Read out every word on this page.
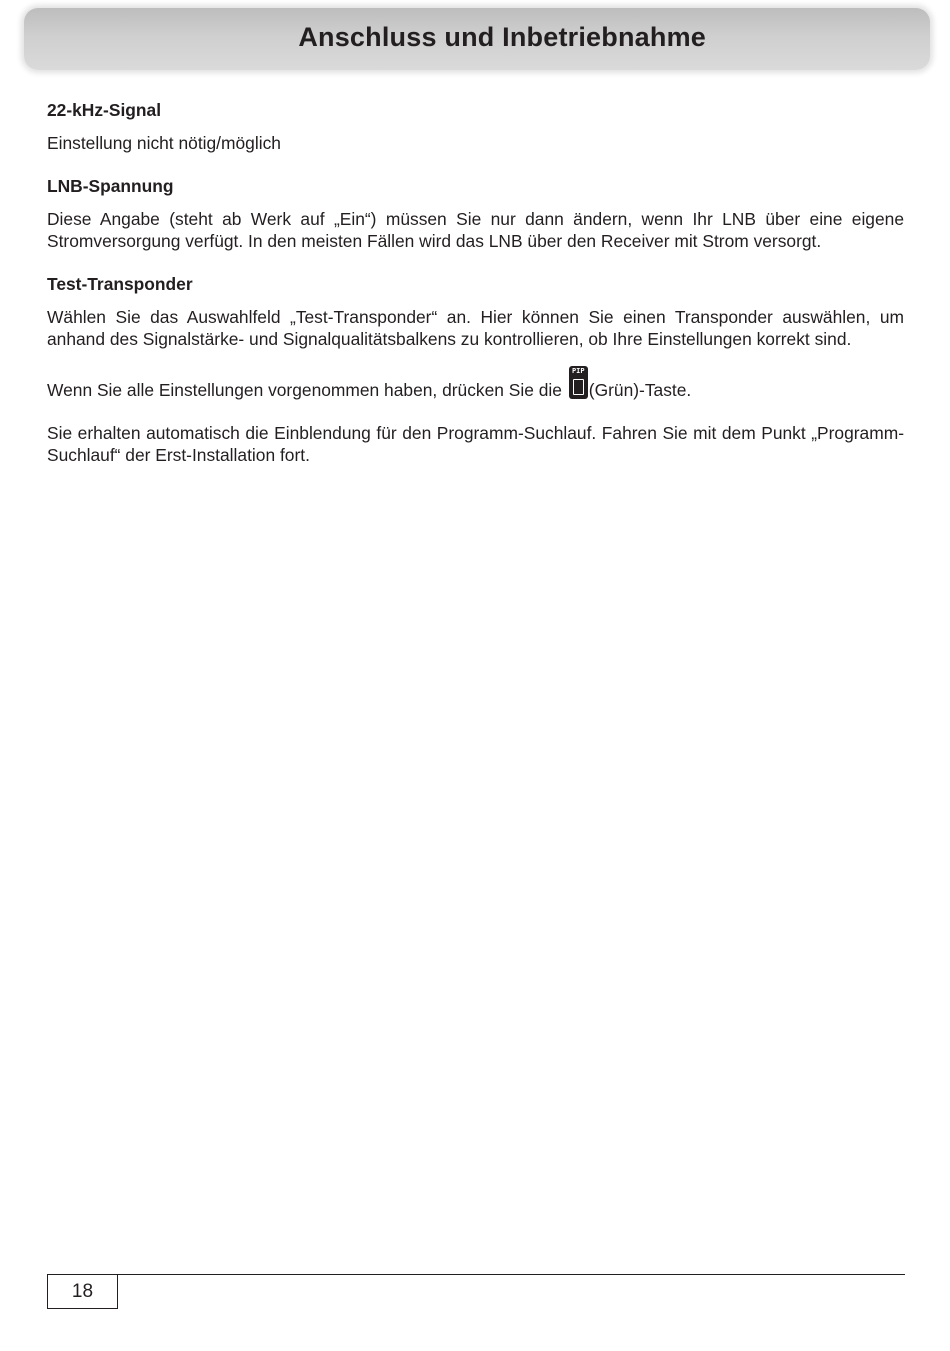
Anschluss und Inbetriebnahme

22-kHz-Signal

Einstellung nicht nötig/möglich

LNB-Spannung

Diese Angabe (steht ab Werk auf „Ein“) müssen Sie nur dann ändern, wenn Ihr LNB über eine eigene Stromversorgung verfügt. In den meisten Fällen wird das LNB über den Receiver mit Strom versorgt.

Test-Transponder

Wählen Sie das Auswahlfeld „Test-Transponder“ an. Hier können Sie einen Transponder auswählen, um anhand des Signalstärke- und Signalqualitätsbalkens zu kontrollieren, ob Ihre Einstellungen korrekt sind.

Wenn Sie alle Einstellungen vorgenommen haben, drücken Sie die
PIP
(Grün)-Taste.

Sie erhalten automatisch die Einblendung für den Programm-Suchlauf. Fahren Sie mit dem Punkt „Programm-Suchlauf“ der Erst-Installation fort.

18
